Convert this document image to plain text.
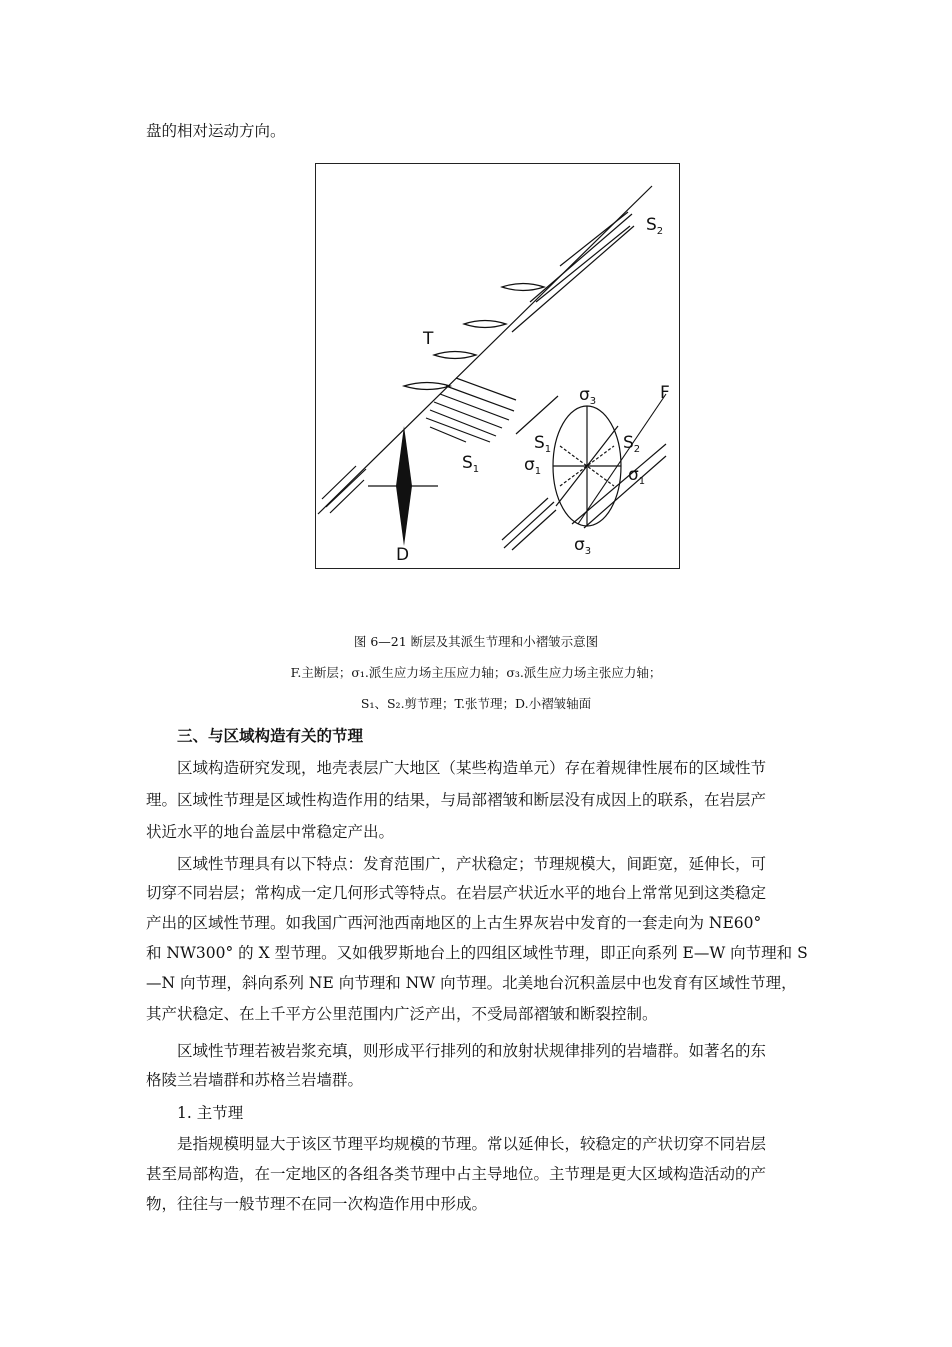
盘的相对运动方向。
$S_2$
T
$\sigma_3$	F
$S_1$	$S_2$
$S_1$	$\sigma_1$	$\sigma_1$
$\sigma_3$
D
图 6—21 断层及其派生节理和小褶皱示意图
F.主断层；σ₁.派生应力场主压应力轴；σ₃.派生应力场主张应力轴；
S₁、S₂.剪节理；T.张节理；D.小褶皱轴面
三、与区域构造有关的节理
区域构造研究发现，地壳表层广大地区（某些构造单元）存在着规律性展布的区域性节
理。区域性节理是区域性构造作用的结果，与局部褶皱和断层没有成因上的联系，在岩层产
状近水平的地台盖层中常稳定产出。
区域性节理具有以下特点：发育范围广，产状稳定；节理规模大，间距宽，延伸长，可
切穿不同岩层；常构成一定几何形式等特点。在岩层产状近水平的地台上常常见到这类稳定
产出的区域性节理。如我国广西河池西南地区的上古生界灰岩中发育的一套走向为 NE60°
和 NW300° 的 X 型节理。又如俄罗斯地台上的四组区域性节理，即正向系列 E—W 向节理和 S
—N 向节理，斜向系列 NE 向节理和 NW 向节理。北美地台沉积盖层中也发育有区域性节理，
其产状稳定、在上千平方公里范围内广泛产出，不受局部褶皱和断裂控制。
区域性节理若被岩浆充填，则形成平行排列的和放射状规律排列的岩墙群。如著名的东
格陵兰岩墙群和苏格兰岩墙群。
1. 主节理
是指规模明显大于该区节理平均规模的节理。常以延伸长，较稳定的产状切穿不同岩层
甚至局部构造，在一定地区的各组各类节理中占主导地位。主节理是更大区域构造活动的产
物，往往与一般节理不在同一次构造作用中形成。
